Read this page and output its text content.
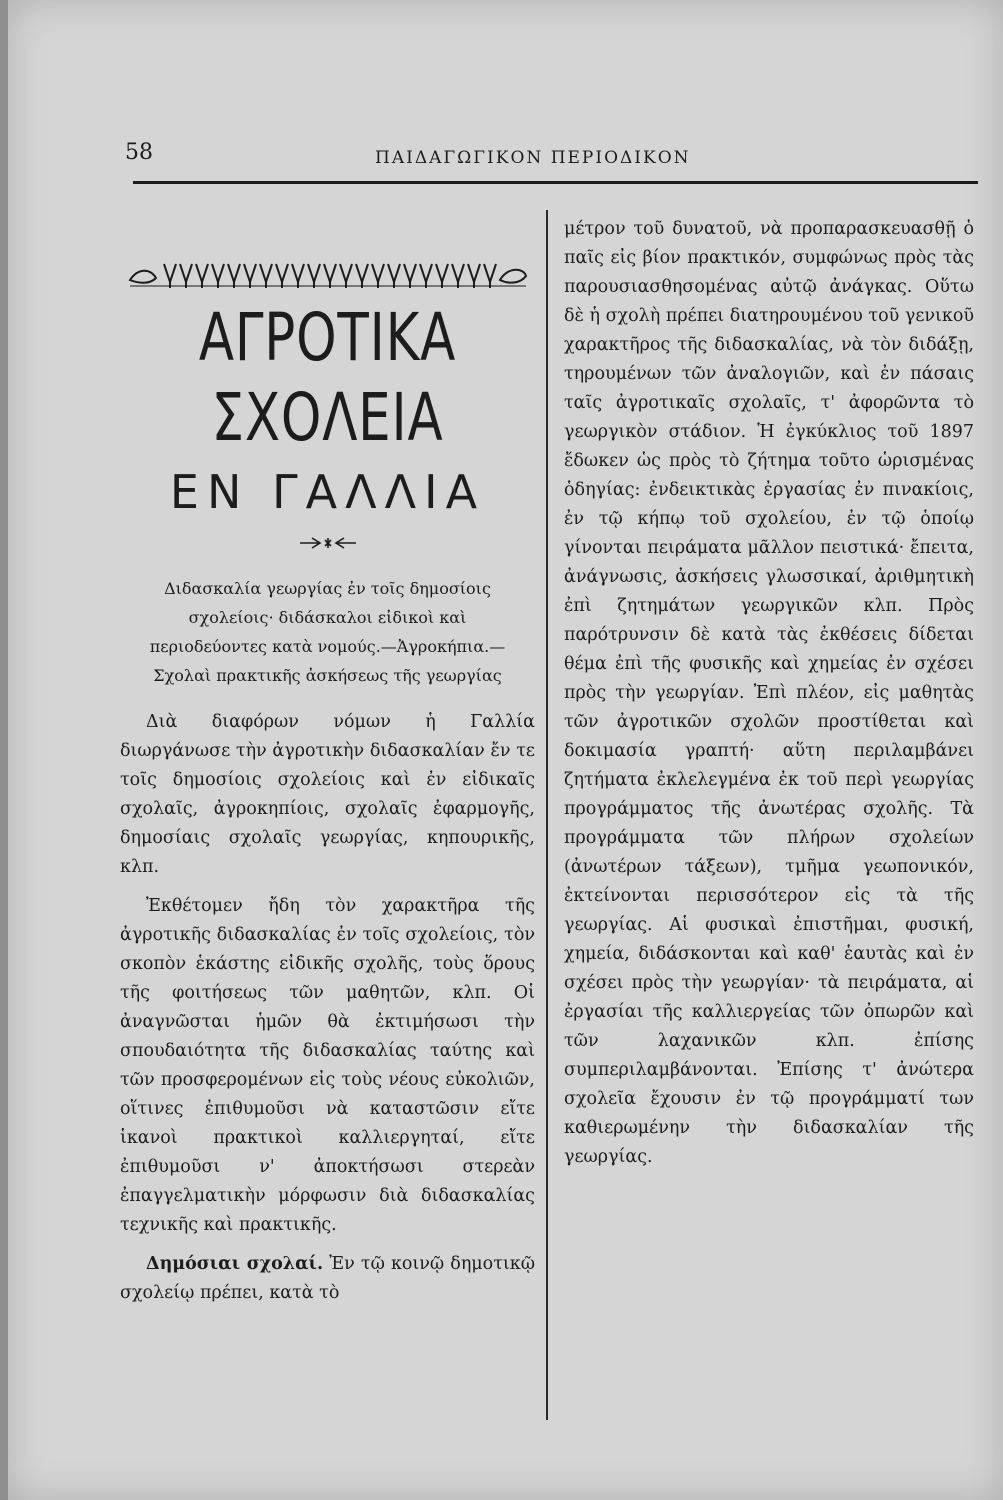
58	ΠΑΙΔΑΓΩΓΙΚΟΝ ΠΕΡΙΟΔΙΚΟΝ
ΑΓΡΟΤΙΚΑ ΣΧΟΛΕΙΑ
ΕΝ ΓΑΛΛΙΑ

Διδασκαλία γεωργίας ἐν τοῖς δημοσίοις σχολείοις· διδάσκαλοι εἰδικοὶ καὶ περιοδεύοντες κατὰ νομούς.—Ἀγροκήπια.—Σχολαὶ πρακτικῆς ἀσκήσεως τῆς γεωργίας

Διὰ διαφόρων νόμων ἡ Γαλλία διωργάνωσε τὴν ἀγροτικὴν διδασκαλίαν ἔν τε τοῖς δημοσίοις σχολείοις καὶ ἐν εἰδικαῖς σχολαῖς, ἀγροκηπίοις, σχολαῖς ἐφαρμογῆς, δημοσίαις σχολαῖς γεωργίας, κηπουρικῆς, κλπ.

Ἐκθέτομεν ἤδη τὸν χαρακτῆρα τῆς ἀγροτικῆς διδασκαλίας ἐν τοῖς σχολείοις, τὸν σκοπὸν ἑκάστης εἰδικῆς σχολῆς, τοὺς ὅρους τῆς φοιτήσεως τῶν μαθητῶν, κλπ. Οἱ ἀναγνῶσται ἡμῶν θὰ ἐκτιμήσωσι τὴν σπουδαιότητα τῆς διδασκαλίας ταύτης καὶ τῶν προσφερομένων εἰς τοὺς νέους εὐκολιῶν, οἵτινες ἐπιθυμοῦσι νὰ καταστῶσιν εἴτε ἱκανοὶ πρακτικοὶ καλλιεργηταί, εἴτε ἐπιθυμοῦσι ν' ἀποκτήσωσι στερεὰν ἐπαγγελματικὴν μόρφωσιν διὰ διδασκαλίας τεχνικῆς καὶ πρακτικῆς.

Δημόσιαι σχολαί. Ἐν τῷ κοινῷ δημοτικῷ σχολείῳ πρέπει, κατὰ τὸ

μέτρον τοῦ δυνατοῦ, νὰ προπαρασκευασθῇ ὁ παῖς εἰς βίον πρακτικόν, συμφώνως πρὸς τὰς παρουσιασθησομένας αὐτῷ ἀνάγκας. Οὕτω δὲ ἡ σχολὴ πρέπει διατηρουμένου τοῦ γενικοῦ χαρακτῆρος τῆς διδασκαλίας, νὰ τὸν διδάξῃ, τηρουμένων τῶν ἀναλογιῶν, καὶ ἐν πάσαις ταῖς ἀγροτικαῖς σχολαῖς, τ' ἀφορῶντα τὸ γεωργικὸν στάδιον. Ἡ ἐγκύκλιος τοῦ 1897 ἔδωκεν ὡς πρὸς τὸ ζήτημα τοῦτο ὡρισμένας ὁδηγίας: ἐνδεικτικὰς ἐργασίας ἐν πινακίοις, ἐν τῷ κήπῳ τοῦ σχολείου, ἐν τῷ ὁποίῳ γίνονται πειράματα μᾶλλον πειστικά· ἔπειτα, ἀνάγνωσις, ἀσκήσεις γλωσσικαί, ἀριθμητικὴ ἐπὶ ζητημάτων γεωργικῶν κλπ. Πρὸς παρότρυνσιν δὲ κατὰ τὰς ἐκθέσεις δίδεται θέμα ἐπὶ τῆς φυσικῆς καὶ χημείας ἐν σχέσει πρὸς τὴν γεωργίαν. Ἐπὶ πλέον, εἰς μαθητὰς τῶν ἀγροτικῶν σχολῶν προστίθεται καὶ δοκιμασία γραπτή· αὕτη περιλαμβάνει ζητήματα ἐκλελεγμένα ἐκ τοῦ περὶ γεωργίας προγράμματος τῆς ἀνωτέρας σχολῆς. Τὰ προγράμματα τῶν πλήρων σχολείων (ἀνωτέρων τάξεων), τμῆμα γεωπονικόν, ἐκτείνονται περισσότερον εἰς τὰ τῆς γεωργίας. Αἱ φυσικαὶ ἐπιστῆμαι, φυσική, χημεία, διδάσκονται καὶ καθ' ἑαυτὰς καὶ ἐν σχέσει πρὸς τὴν γεωργίαν· τὰ πειράματα, αἱ ἐργασίαι τῆς καλλιεργείας τῶν ὀπωρῶν καὶ τῶν λαχανικῶν κλπ. ἐπίσης συμπεριλαμβάνονται. Ἐπίσης τ' ἀνώτερα σχολεῖα ἔχουσιν ἐν τῷ προγράμματί των καθιερωμένην τὴν διδασκαλίαν τῆς γεωργίας.
